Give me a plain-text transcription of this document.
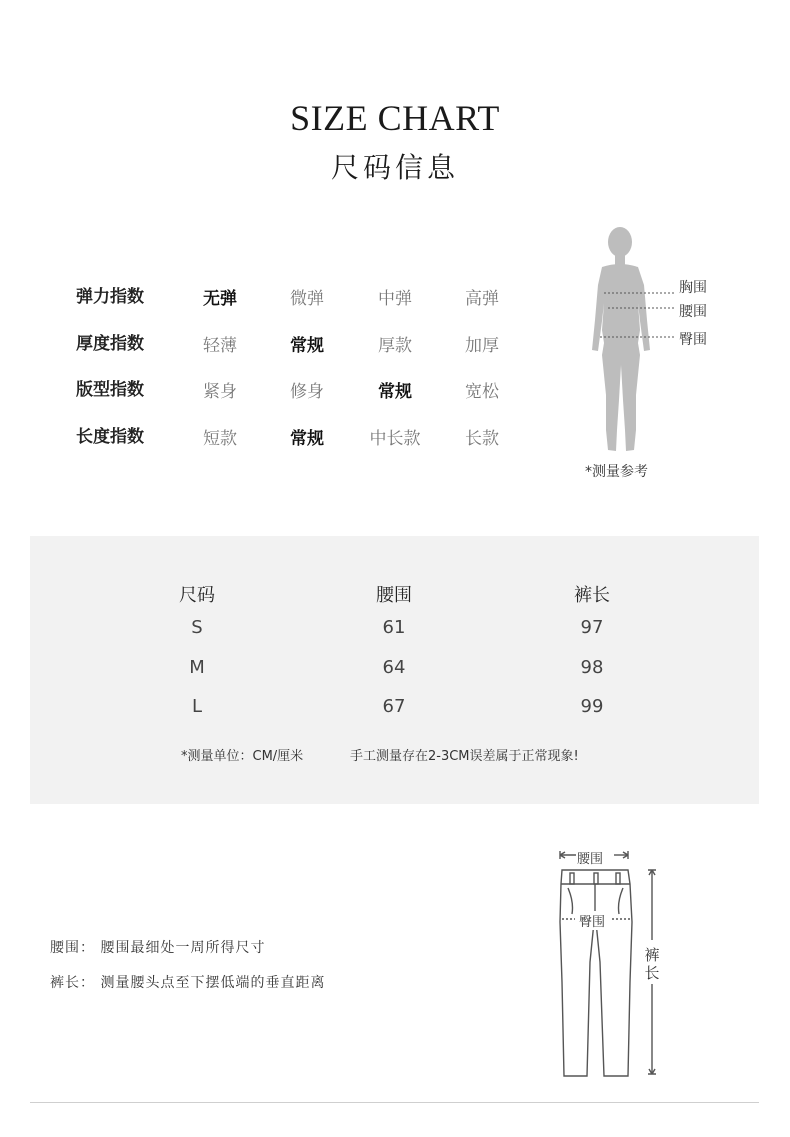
SIZE CHART
尺码信息
弹力指数	无弹	微弹	中弹	高弹
厚度指数	轻薄	常规	厚款	加厚
版型指数	紧身	修身	常规	宽松
长度指数	短款	常规	中长款	长款
胸围
腰围
臀围
*测量参考
尺码	腰围	裤长
S	61	97
M	64	98
L	67	99
*测量单位：CM/厘米	手工测量存在2-3CM误差属于正常现象!
腰围： 腰围最细处一周所得尺寸
裤长： 测量腰头点至下摆低端的垂直距离
腰围
臀围
裤长
